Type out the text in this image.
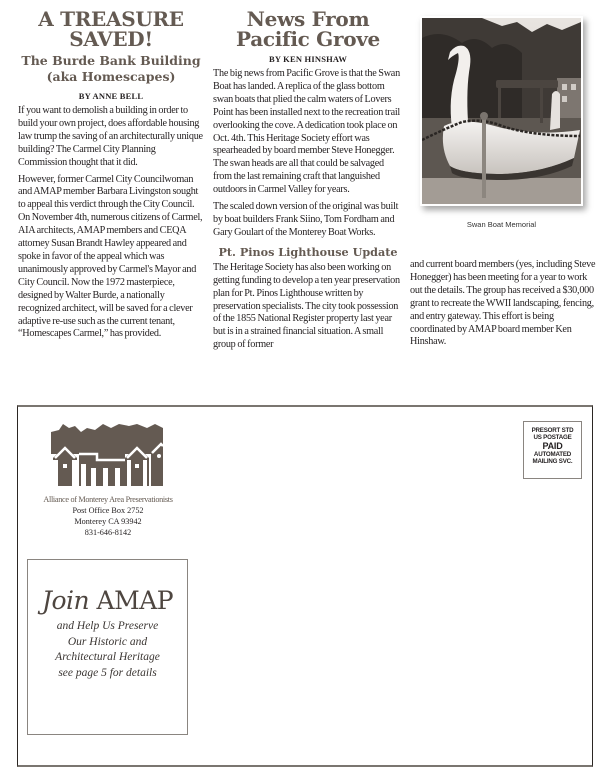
A TREASURE
SAVED!
The Burde Bank Building
(aka Homescapes)
BY ANNE BELL

If you want to demolish a building in order to build your own project, does affordable housing law trump the saving of an architecturally unique building? The Carmel City Planning Commission thought that it did.

However, former Carmel City Councilwoman and AMAP member Barbara Livingston sought to appeal this verdict through the City Council. On November 4th, numerous citizens of Carmel, AIA architects, AMAP members and CEQA attorney Susan Brandt Hawley appeared and spoke in favor of the appeal which was unanimously approved by Carmel's Mayor and City Council. Now the 1972 masterpiece, designed by Walter Burde, a nationally recognized architect, will be saved for a clever adaptive re-use such as the current tenant, “Homescapes Carmel,” has provided.

News From
Pacific Grove
BY KEN HINSHAW

The big news from Pacific Grove is that the Swan Boat has landed. A replica of the glass bottom swan boats that plied the calm waters of Lovers Point has been installed next to the recreation trail overlooking the cove. A dedication took place on Oct. 4th. This Heritage Society effort was spearheaded by board member Steve Honegger. The swan heads are all that could be salvaged from the last remaining craft that languished outdoors in Carmel Valley for years.

The scaled down version of the original was built by boat builders Frank Siino, Tom Fordham and Gary Goulart of the Monterey Boat Works.

Pt. Pinos Lighthouse Update

The Heritage Society has also been working on getting funding to develop a ten year preservation plan for Pt. Pinos Lighthouse written by preservation specialists. The city took possession of the 1855 National Register property last year but is in a strained financial situation. A small group of former

Swan Boat Memorial

and current board members (yes, including Steve Honegger) has been meeting for a year to work out the details. The group has received a $30,000 grant to recreate the WWII landscaping, fencing, and entry gateway. This effort is being coordinated by AMAP board member Ken Hinshaw.

Alliance of Monterey Area Preservationists
Post Office Box 2752
Monterey CA 93942
831-646-8142
PRESORT STD
US POSTAGE
PAID
AUTOMATED
MAILING SVC.
Join AMAP
and Help Us Preserve
Our Historic and
Architectural Heritage
see page 5 for details
